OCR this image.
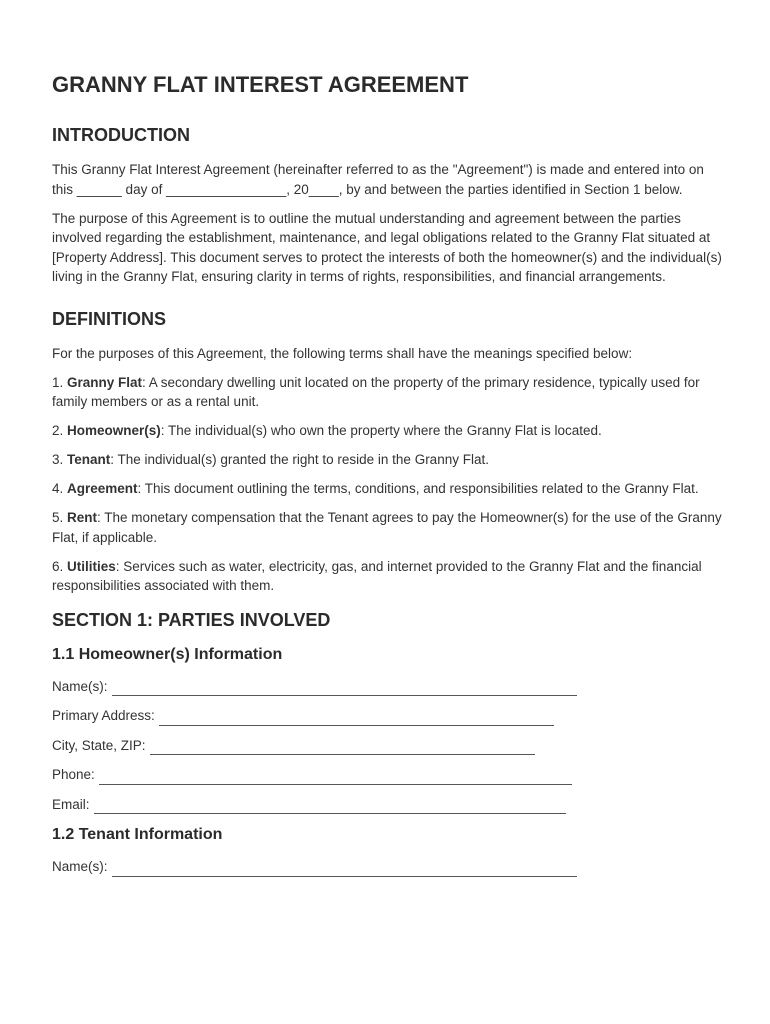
GRANNY FLAT INTEREST AGREEMENT
INTRODUCTION

This Granny Flat Interest Agreement (hereinafter referred to as the "Agreement") is made and entered into on this ______ day of ________________, 20____, by and between the parties identified in Section 1 below.

The purpose of this Agreement is to outline the mutual understanding and agreement between the parties involved regarding the establishment, maintenance, and legal obligations related to the Granny Flat situated at [Property Address]. This document serves to protect the interests of both the homeowner(s) and the individual(s) living in the Granny Flat, ensuring clarity in terms of rights, responsibilities, and financial arrangements.

DEFINITIONS

For the purposes of this Agreement, the following terms shall have the meanings specified below:

1. Granny Flat: A secondary dwelling unit located on the property of the primary residence, typically used for family members or as a rental unit.

2. Homeowner(s): The individual(s) who own the property where the Granny Flat is located.

3. Tenant: The individual(s) granted the right to reside in the Granny Flat.

4. Agreement: This document outlining the terms, conditions, and responsibilities related to the Granny Flat.

5. Rent: The monetary compensation that the Tenant agrees to pay the Homeowner(s) for the use of the Granny Flat, if applicable.

6. Utilities: Services such as water, electricity, gas, and internet provided to the Granny Flat and the financial responsibilities associated with them.

SECTION 1: PARTIES INVOLVED
1.1 Homeowner(s) Information
Name(s):
Primary Address:
City, State, ZIP:
Phone:
Email:
1.2 Tenant Information
Name(s):
